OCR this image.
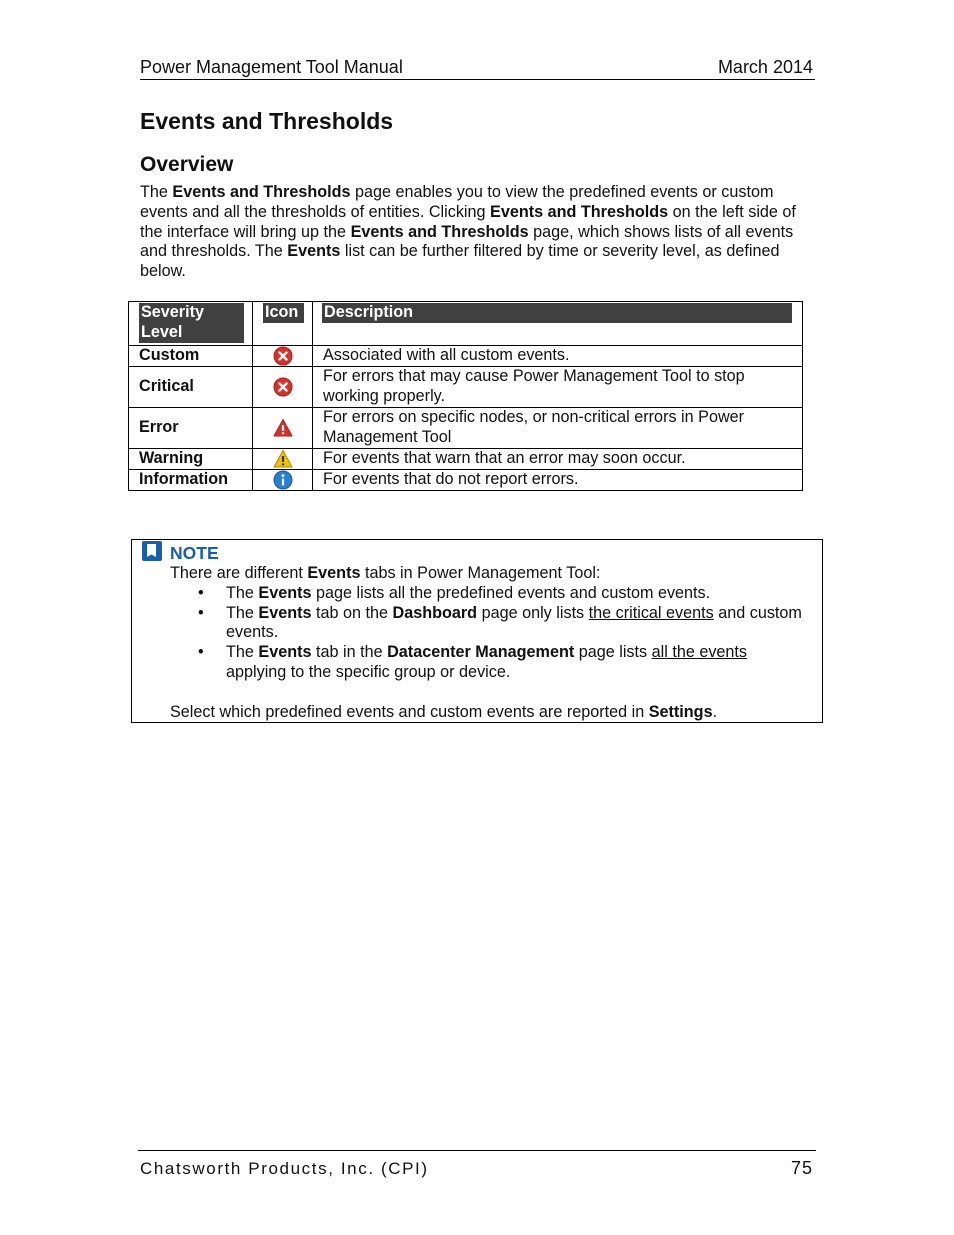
Power Management Tool Manual	March 2014
Events and Thresholds
Overview

The Events and Thresholds page enables you to view the predefined events or custom events and all the thresholds of entities. Clicking Events and Thresholds on the left side of the interface will bring up the Events and Thresholds page, which shows lists of all events and thresholds. The Events list can be further filtered by time or severity level, as defined below.

Severity Level	Icon	Description

Custom		Associated with all custom events.
Critical		For errors that may cause Power Management Tool to stop working properly.
Error		For errors on specific nodes, or non-critical errors in Power Management Tool
Warning		For events that warn that an error may soon occur.
Information		For events that do not report errors.
NOTE

There are different Events tabs in Power Management Tool:

• The Events page lists all the predefined events and custom events.
• The Events tab on the Dashboard page only lists the critical events and custom events.
• The Events tab in the Datacenter Management page lists all the events applying to the specific group or device.

Select which predefined events and custom events are reported in Settings.

Chatsworth Products, Inc. (CPI)	75
